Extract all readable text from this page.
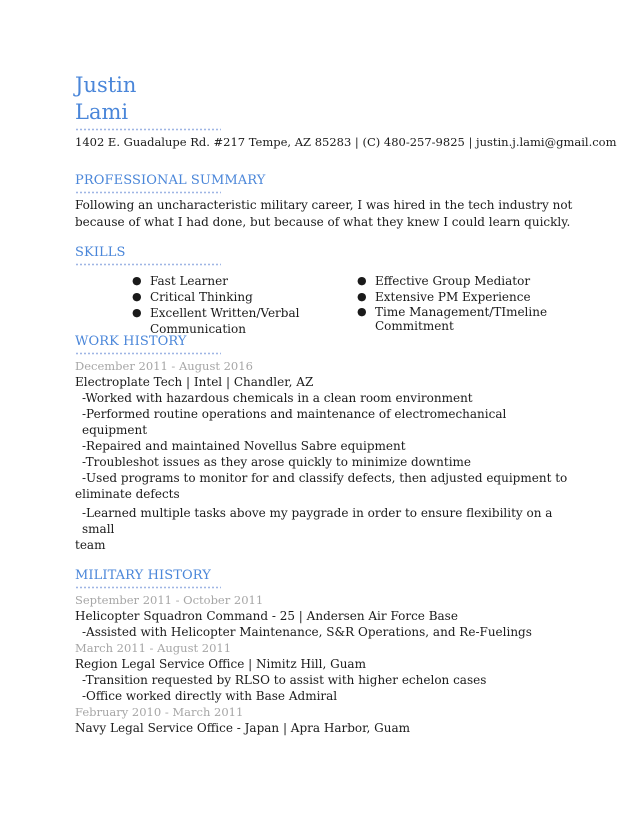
Justin
Lami
1402 E. Guadalupe Rd. #217 Tempe, AZ 85283 | (C) 480-257-9825 | justin.j.lami@gmail.com
PROFESSIONAL SUMMARY
Following an uncharacteristic military career, I was hired in the tech industry not
because of what I had done, but because of what they knew I could learn quickly.
SKILLS
● Fast Learner
● Critical Thinking
● Excellent Written/Verbal
Communication
● Effective Group Mediator
● Extensive PM Experience
● Time Management/TImeline
Commitment
WORK HISTORY
December 2011 - August 2016
Electroplate Tech | Intel | Chandler, AZ
-Worked with hazardous chemicals in a clean room environment
-Performed routine operations and maintenance of electromechanical equipment
-Repaired and maintained Novellus Sabre equipment
-Troubleshot issues as they arose quickly to minimize downtime
-Used programs to monitor for and classify defects, then adjusted equipment to
eliminate defects
-Learned multiple tasks above my paygrade in order to ensure flexibility on a small
team
MILITARY HISTORY
September 2011 - October 2011
Helicopter Squadron Command - 25 | Andersen Air Force Base
-Assisted with Helicopter Maintenance, S&R Operations, and Re-Fuelings
March 2011 - August 2011
Region Legal Service Office | Nimitz Hill, Guam
-Transition requested by RLSO to assist with higher echelon cases
-Office worked directly with Base Admiral
February 2010 - March 2011
Navy Legal Service Office - Japan | Apra Harbor, Guam
